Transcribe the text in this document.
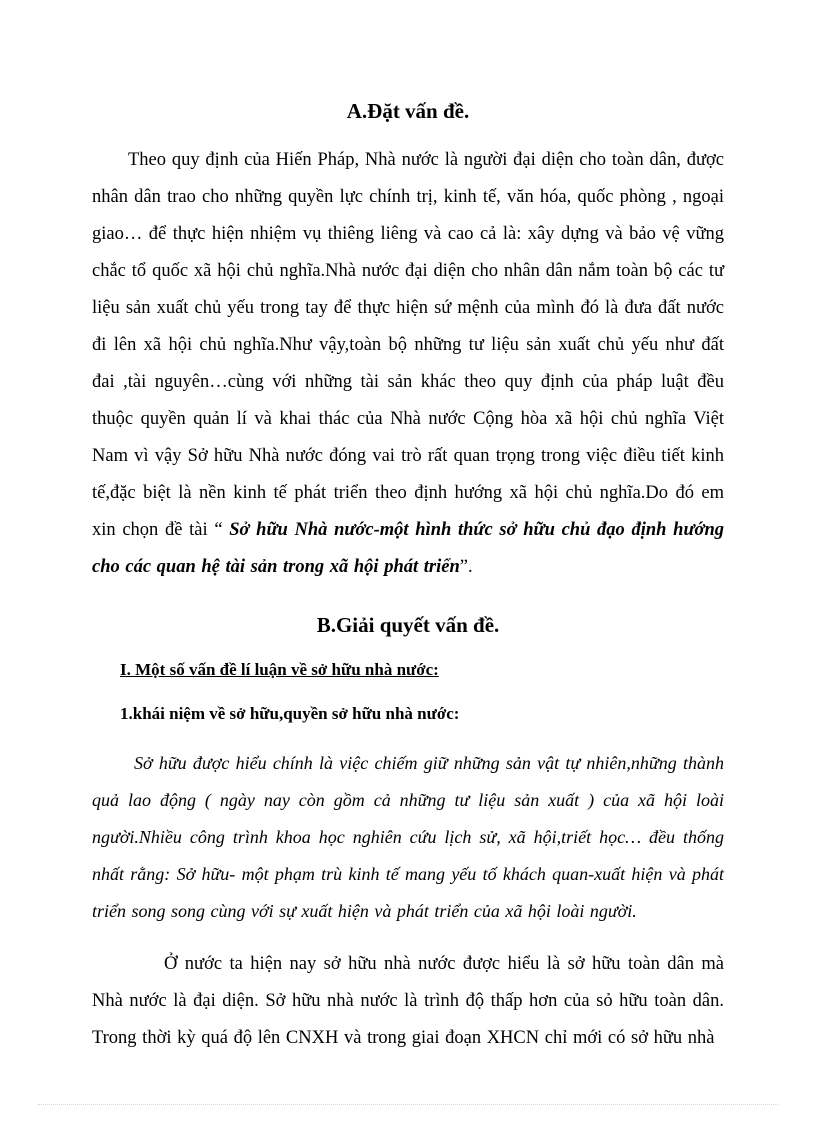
A.Đặt vấn đề.

Theo quy định của Hiến Pháp, Nhà nước là người đại diện cho toàn dân, được nhân dân trao cho những quyền lực chính trị, kinh tế, văn hóa, quốc phòng , ngoại giao… để thực hiện nhiệm vụ thiêng liêng và cao cả là: xây dựng và bảo vệ vững chắc tổ quốc xã hội chủ nghĩa.Nhà nước đại diện cho nhân dân nắm toàn bộ các tư liệu sản xuất chủ yếu trong tay để thực hiện sứ mệnh của mình đó là đưa đất nước đi lên xã hội chủ nghĩa.Như vậy,toàn bộ những tư liệu sản xuất chủ yếu như đất đai ,tài nguyên…cùng với những tài sản khác theo quy định của pháp luật đều thuộc quyền quản lí và khai thác của Nhà nước Cộng hòa xã hội chủ nghĩa Việt Nam vì vậy Sở hữu Nhà nước đóng vai trò rất quan trọng trong việc điều tiết kinh tế,đặc biệt là nền kinh tế phát triển theo định hướng xã hội chủ nghĩa.Do đó em xin chọn đề tài “ Sở hữu Nhà nước-một hình thức sở hữu chủ đạo định hướng cho các quan hệ tài sản trong xã hội phát triển”.

B.Giải quyết vấn đề.
I. Một số vấn đề lí luận về sở hữu nhà nước:
1.khái niệm về sở hữu,quyền sở hữu nhà nước:

Sở hữu được hiểu chính là việc chiếm giữ những sản vật tự nhiên,những thành quả lao động ( ngày nay còn gồm cả những tư liệu sản xuất ) của xã hội loài người.Nhiều công trình khoa học nghiên cứu lịch sử, xã hội,triết học… đều thống nhất rằng: Sở hữu- một phạm trù kinh tế mang yếu tố khách quan-xuất hiện và phát triển song song cùng với sự xuất hiện và phát triển của xã hội loài người.

Ở nước ta hiện nay sở hữu nhà nước được hiểu là sở hữu toàn dân mà Nhà nước là đại diện. Sở hữu nhà nước là trình độ thấp hơn của sỏ hữu toàn dân. Trong thời kỳ quá độ lên CNXH và trong giai đoạn XHCN chỉ mới có sở hữu nhà
